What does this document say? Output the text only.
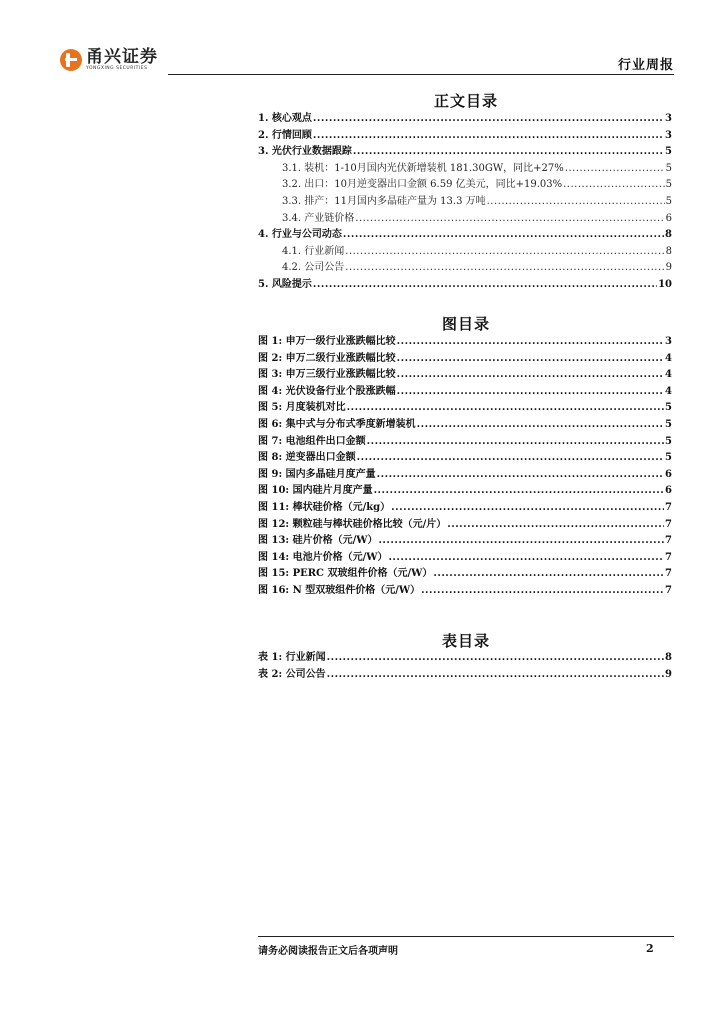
甬兴证券
YONGXING SECURITIES	行业周报
正文目录
1. 核心观点 .....	3
2. 行情回顾 .....	3
3. 光伏行业数据跟踪 .....	5
3.1. 装机：1-10月国内光伏新增装机 181.30GW，同比+27% .....	5
3.2. 出口：10月逆变器出口金额 6.59 亿美元，同比+19.03% .....	5
3.3. 排产：11月国内多晶硅产量为 13.3 万吨 .....	5
3.4. 产业链价格 .....	6
4. 行业与公司动态 .....	8
4.1. 行业新闻 .....	8
4.2. 公司公告 .....	9
5. 风险提示 .....	10
图目录
图 1: 申万一级行业涨跌幅比较 .....	3
图 2: 申万二级行业涨跌幅比较 .....	4
图 3: 申万三级行业涨跌幅比较 .....	4
图 4: 光伏设备行业个股涨跌幅 .....	4
图 5: 月度装机对比 .....	5
图 6: 集中式与分布式季度新增装机 .....	5
图 7: 电池组件出口金额 .....	5
图 8: 逆变器出口金额 .....	5
图 9: 国内多晶硅月度产量 .....	6
图 10: 国内硅片月度产量 .....	6
图 11: 棒状硅价格（元/kg） .....	7
图 12: 颗粒硅与棒状硅价格比较（元/片） .....	7
图 13: 硅片价格（元/W） .....	7
图 14: 电池片价格（元/W） .....	7
图 15: PERC 双玻组件价格（元/W） .....	7
图 16: N 型双玻组件价格（元/W） .....	7
表目录
表 1: 行业新闻 .....	8
表 2: 公司公告 .....	9
请务必阅读报告正文后各项声明	2
